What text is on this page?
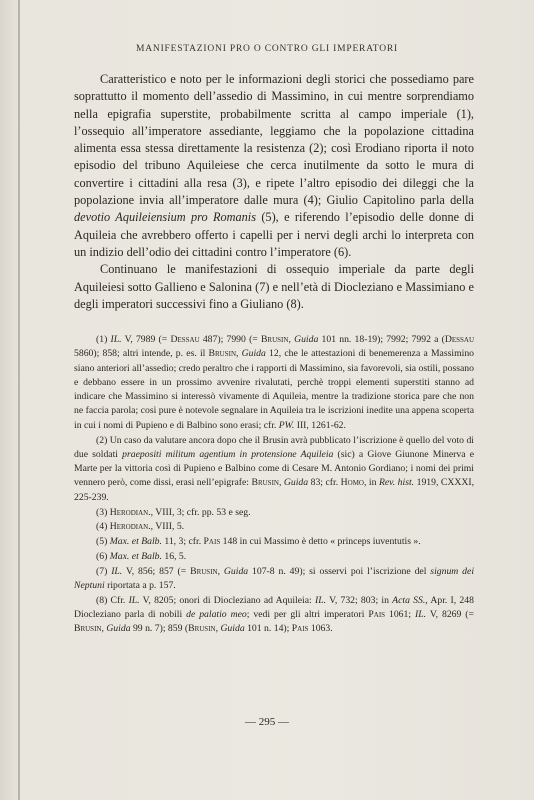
MANIFESTAZIONI PRO O CONTRO GLI IMPERATORI

Caratteristico e noto per le informazioni degli storici che possediamo pare soprattutto il momento dell’assedio di Massimino, in cui mentre sorprendiamo nella epigrafia superstite, probabilmente scritta al campo imperiale (1), l’ossequio all’imperatore assediante, leggiamo che la popolazione cittadina alimenta essa stessa direttamente la resistenza (2); così Erodiano riporta il noto episodio del tribuno Aquileiese che cerca inutilmente da sotto le mura di convertire i cittadini alla resa (3), e ripete l’altro episodio dei dileggi che la popolazione invia all’imperatore dalle mura (4); Giulio Capitolino parla della devotio Aquileiensium pro Romanis (5), e riferendo l’episodio delle donne di Aquileia che avrebbero offerto i capelli per i nervi degli archi lo interpreta con un indizio dell’odio dei cittadini contro l’imperatore (6).

Continuano le manifestazioni di ossequio imperiale da parte degli Aquileiesi sotto Gallieno e Salonina (7) e nell’età di Diocleziano e Massimiano e degli imperatori successivi fino a Giuliano (8).

(1) IL. V, 7989 (= Dessau 487); 7990 (= Brusin, Guida 101 nn. 18-19); 7992; 7992 a (Dessau 5860); 858; altri intende, p. es. il Brusin, Guida 12, che le attestazioni di benemerenza a Massimino siano anteriori all’assedio; credo peraltro che i rapporti di Massimino, sia favorevoli, sia ostili, possano e debbano essere in un prossimo avvenire rivalutati, perchè troppi elementi superstiti stanno ad indicare che Massimino si interessò vivamente di Aquileia, mentre la tradizione storica pare che non ne faccia parola; così pure è notevole segnalare in Aquileia tra le iscrizioni inedite una appena scoperta in cui i nomi di Pupieno e di Balbino sono erasi; cfr. PW. III, 1261-62.

(2) Un caso da valutare ancora dopo che il Brusin avrà pubblicato l’iscrizione è quello del voto di due soldati praepositi militum agentium in protensione Aquileia (sic) a Giove Giunone Minerva e Marte per la vittoria così di Pupieno e Balbino come di Cesare M. Antonio Gordiano; i nomi dei primi vennero però, come dissi, erasi nell’epigrafe: Brusin, Guida 83; cfr. Homo, in Rev. hist. 1919, CXXXI, 225-239.

(3) Herodian., VIII, 3; cfr. pp. 53 e seg.

(4) Herodian., VIII, 5.

(5) Max. et Balb. 11, 3; cfr. Pais 148 in cui Massimo è detto « princeps iuventutis ».

(6) Max. et Balb. 16, 5.

(7) IL. V, 856; 857 (= Brusin, Guida 107-8 n. 49); si osservi poi l’iscrizione del signum dei Neptuni riportata a p. 157.

(8) Cfr. IL. V, 8205; onori di Diocleziano ad Aquileia: IL. V, 732; 803; in Acta SS., Apr. I, 248 Diocleziano parla di nobili de palatio meo; vedi per gli altri imperatori Pais 1061; IL. V, 8269 (= Brusin, Guida 99 n. 7); 859 (Brusin, Guida 101 n. 14); Pais 1063.

— 295 —
